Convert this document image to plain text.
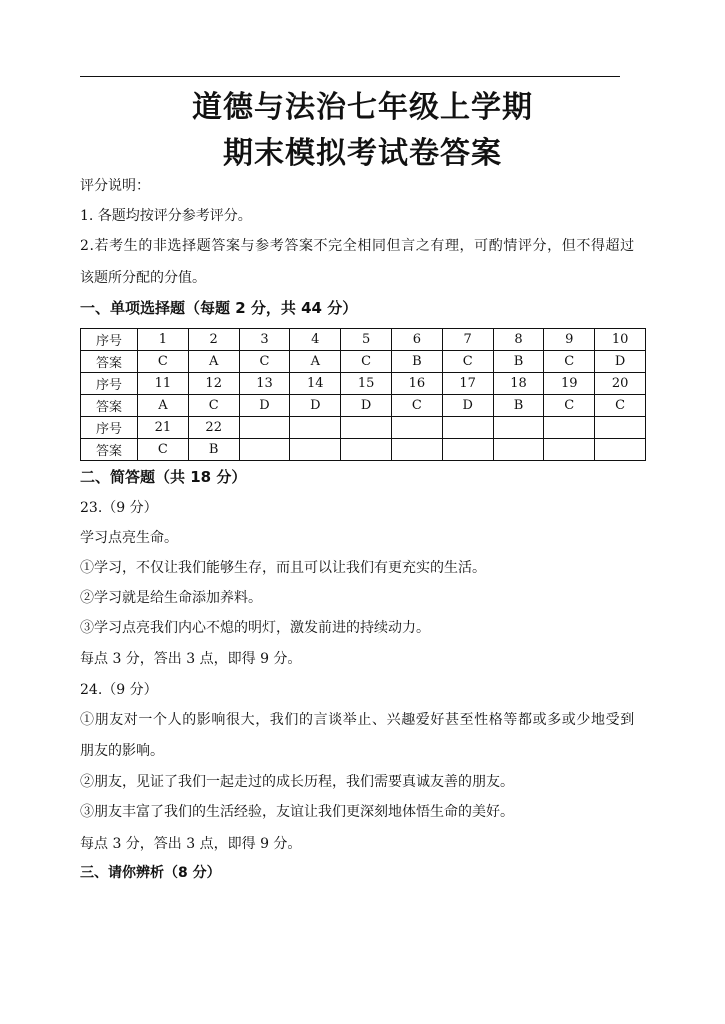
道德与法治七年级上学期
期末模拟考试卷答案
评分说明：
1. 各题均按评分参考评分。
2.若考生的非选择题答案与参考答案不完全相同但言之有理，可酌情评分，但不得超过
该题所分配的分值。
一、单项选择题（每题 2 分，共 44 分）
序号	1	2	3	4	5	6	7	8	9	10
答案	C	A	C	A	C	B	C	B	C	D
序号	11	12	13	14	15	16	17	18	19	20
答案	A	C	D	D	D	C	D	B	C	C
序号	21	22								
答案	C	B								
二、简答题（共 18 分）
23.（9 分）
学习点亮生命。
①学习，不仅让我们能够生存，而且可以让我们有更充实的生活。
②学习就是给生命添加养料。
③学习点亮我们内心不熄的明灯，激发前进的持续动力。
每点 3 分，答出 3 点，即得 9 分。
24.（9 分）
①朋友对一个人的影响很大，我们的言谈举止、兴趣爱好甚至性格等都或多或少地受到
朋友的影响。
②朋友，见证了我们一起走过的成长历程，我们需要真诚友善的朋友。
③朋友丰富了我们的生活经验，友谊让我们更深刻地体悟生命的美好。
每点 3 分，答出 3 点，即得 9 分。
三、请你辨析（8 分）
